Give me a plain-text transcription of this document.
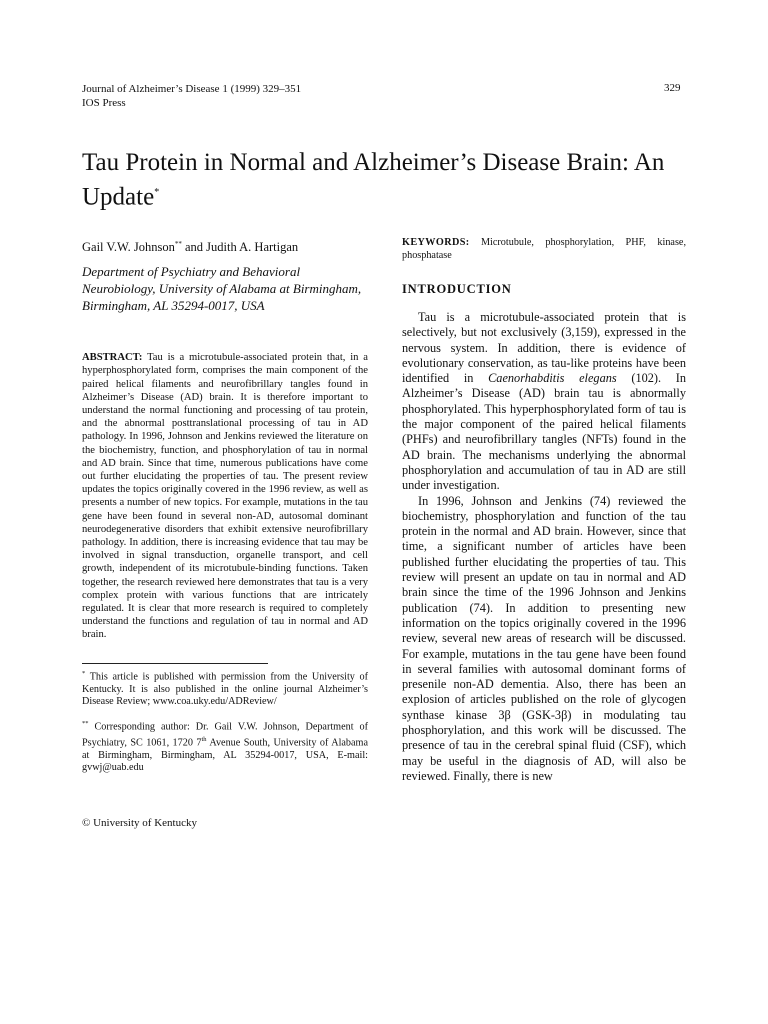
Journal of Alzheimer’s Disease 1 (1999) 329–351
IOS Press
329
Tau Protein in Normal and Alzheimer’s Disease Brain: An Update*

Gail V.W. Johnson** and Judith A. Hartigan

Department of Psychiatry and Behavioral Neurobiology, University of Alabama at Birmingham, Birmingham, AL 35294-0017, USA

ABSTRACT: Tau is a microtubule-associated protein that, in a hyperphosphorylated form, comprises the main component of the paired helical filaments and neurofibrillary tangles found in Alzheimer’s Disease (AD) brain. It is therefore important to understand the normal functioning and processing of tau protein, and the abnormal posttranslational processing of tau in AD pathology. In 1996, Johnson and Jenkins reviewed the literature on the biochemistry, function, and phosphorylation of tau in normal and AD brain. Since that time, numerous publications have come out further elucidating the properties of tau. The present review updates the topics originally covered in the 1996 review, as well as presents a number of new topics. For example, mutations in the tau gene have been found in several non-AD, autosomal dominant neurodegenerative disorders that exhibit extensive neurofibrillary pathology. In addition, there is increasing evidence that tau may be involved in signal transduction, organelle transport, and cell growth, independent of its microtubule-binding functions. Taken together, the research reviewed here demonstrates that tau is a very complex protein with various functions that are intricately regulated. It is clear that more research is required to completely understand the functions and regulation of tau in normal and AD brain.

* This article is published with permission from the University of Kentucky. It is also published in the online journal Alzheimer’s Disease Review; www.coa.uky.edu/ADReview/

** Corresponding author: Dr. Gail V.W. Johnson, Department of Psychiatry, SC 1061, 1720 7th Avenue South, University of Alabama at Birmingham, Birmingham, AL 35294-0017, USA, E-mail: gvwj@uab.edu

© University of Kentucky

KEYWORDS: Microtubule, phosphorylation, PHF, kinase, phosphatase

INTRODUCTION

Tau is a microtubule-associated protein that is selectively, but not exclusively (3,159), expressed in the nervous system. In addition, there is evidence of evolutionary conservation, as tau-like proteins have been identified in Caenorhabditis elegans (102). In Alzheimer’s Disease (AD) brain tau is abnormally phosphorylated. This hyperphosphorylated form of tau is the major component of the paired helical filaments (PHFs) and neurofibrillary tangles (NFTs) found in the AD brain. The mechanisms underlying the abnormal phosphorylation and accumulation of tau in AD are still under investigation.

In 1996, Johnson and Jenkins (74) reviewed the biochemistry, phosphorylation and function of the tau protein in the normal and AD brain. However, since that time, a significant number of articles have been published further elucidating the properties of tau. This review will present an update on tau in normal and AD brain since the time of the 1996 Johnson and Jenkins publication (74). In addition to presenting new information on the topics originally covered in the 1996 review, several new areas of research will be discussed. For example, mutations in the tau gene have been found in several families with autosomal dominant forms of presenile non-AD dementia. Also, there has been an explosion of articles published on the role of glycogen synthase kinase 3β (GSK-3β) in modulating tau phosphorylation, and this work will be discussed. The presence of tau in the cerebral spinal fluid (CSF), which may be useful in the diagnosis of AD, will also be reviewed. Finally, there is new
